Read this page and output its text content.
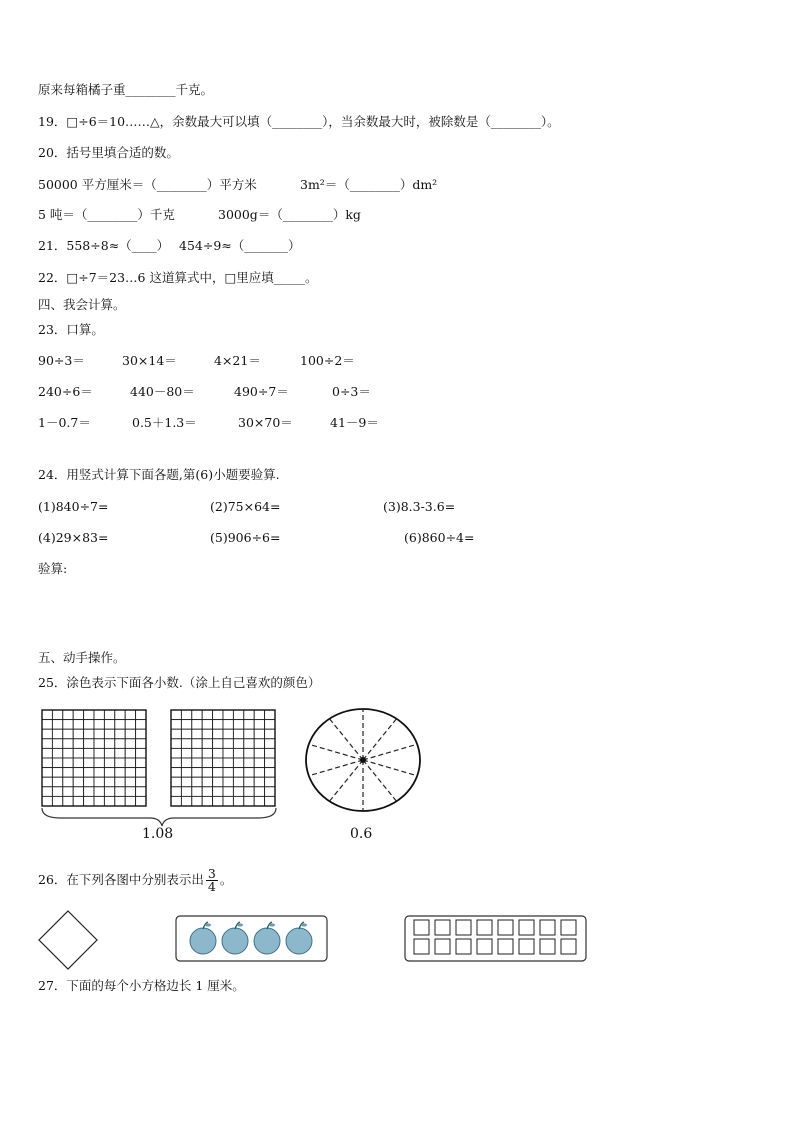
原来每箱橘子重________千克。
19．□÷6＝10……△，余数最大可以填（________），当余数最大时，被除数是（________）。
20．括号里填合适的数。
50000 平方厘米＝（________）平方米	3m²＝（________）dm²
5 吨＝（________）千克	3000g＝（________）kg
21．558÷8≈（____） 454÷9≈（_______）
22．□÷7＝23…6 这道算式中，□里应填_____。
四、我会计算。
23．口算。
90÷3＝	30×14＝	4×21＝	100÷2＝
240÷6＝	440－80＝	490÷7＝	0÷3＝
1－0.7＝	0.5＋1.3＝	30×70＝	41－9＝
24．用竖式计算下面各题,第(6)小题要验算.
(1)840÷7=	(2)75×64=	(3)8.3-3.6=
(4)29×83=	(5)906÷6=	(6)860÷4=
验算:
五、动手操作。
25．涂色表示下面各小数.（涂上自己喜欢的颜色）
1.08	0.6
26．在下列各图中分别表示出 $\frac{3}{4}$ 。
27．下面的每个小方格边长 1 厘米。
